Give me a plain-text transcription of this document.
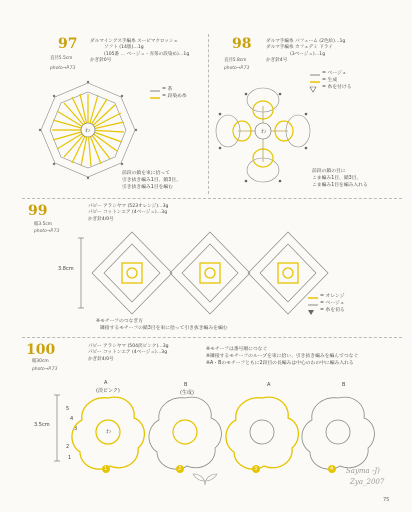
97	ダルマイングス手編糸 スーピマクロッシェ
ソフト (14版)…1g
(105番 … ベージュ・赤茶の段染め)…1g
かぎ針0号
直径5.5cm
photo→P.73
わ
= 茶
= 段染め糸
前段の鎖を束に拾って
引き抜き編み1目、鎖3目、
引き抜き編み1目を編む
98	ダルマ手編糸 パフューム (2色絵)…1g
ダルマ手編糸 カフェデミ ドライ
(3ベージュ)…1g
かぎ針4号
直径5.8cm
photo→P.73
わ
= ベージュ
= 生成
= 糸を付ける
前段の鎖の目に
こま編み1目、鎖3目、
こま編み1目を編み入れる
99	パピー アラシヤマ (523オレンジ)…3g
パピー コットンエア (4ベージュ)…3g
かぎ針4/0号
幅3.5cm
photo→P.73
3.8cm
= オレンジ
= ベージュ
= 糸を切る
※モチーフのつなぎ方
隣接するモチーフの鎖3目を束に拾って引き抜き編みを編む
100	パピー アラシヤマ (504淡ピンク)…3g
パピー コットンエア (4ベージュ)…3g
かぎ針4/0号
幅30cm
photo→P.73
※モチーフは番号順につなぐ
※隣接するモチーフのループを束に拾い、引き抜き編みを編んでつなぐ
※A・Bのモチーフともに2段目の長編みは中心のわの中に編み入れる
A
(淡ピンク)
B
(生成)
A	B
3.5cm
5
4
3
2
1
わ
1	2	3	4 Sayma -J)
Zya_2007
75
